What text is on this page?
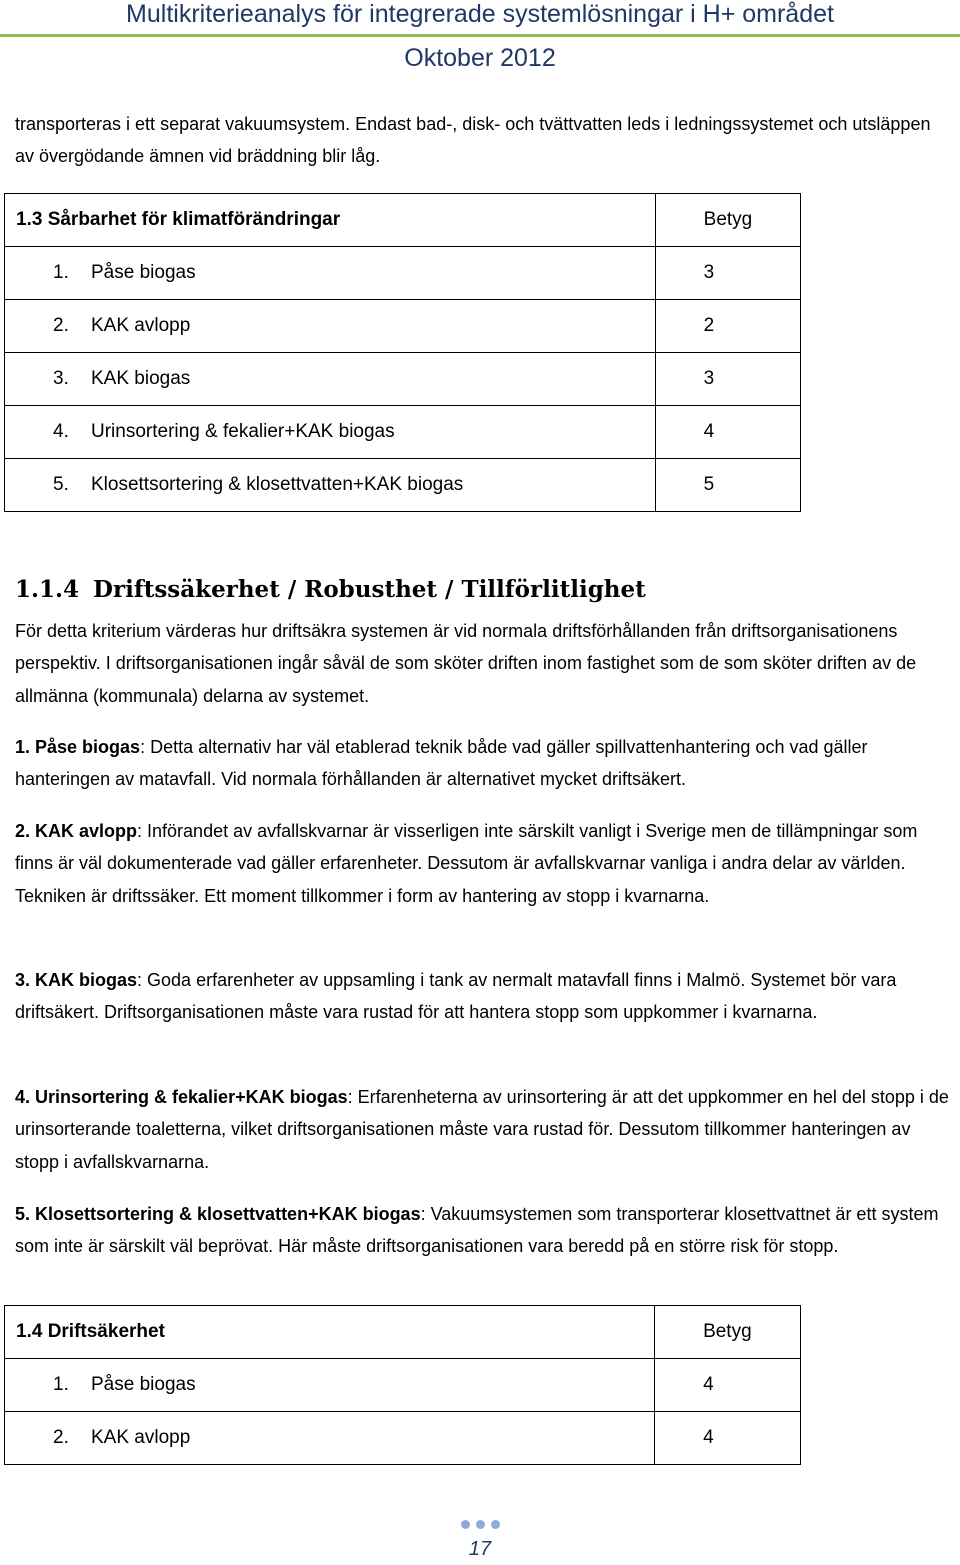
Multikriterieanalys för integrerade systemlösningar i H+ området
Oktober 2012
transporteras i ett separat vakuumsystem. Endast bad-, disk- och tvättvatten leds i ledningssystemet och utsläppen av övergödande ämnen vid bräddning blir låg.
1.3 Sårbarhet för klimatförändringar	Betyg
1. Påse biogas	3
2. KAK avlopp	2
3. KAK biogas	3
4. Urinsortering & fekalier+KAK biogas	4
5. Klosettsortering & klosettvatten+KAK biogas	5
1.1.4 Driftssäkerhet / Robusthet / Tillförlitlighet
För detta kriterium värderas hur driftsäkra systemen är vid normala driftsförhållanden från driftsorganisationens perspektiv. I driftsorganisationen ingår såväl de som sköter driften inom fastighet som de som sköter driften av de allmänna (kommunala) delarna av systemet.
1. Påse biogas: Detta alternativ har väl etablerad teknik både vad gäller spillvattenhantering och vad gäller hanteringen av matavfall. Vid normala förhållanden är alternativet mycket driftsäkert.
2. KAK avlopp: Införandet av avfallskvarnar är visserligen inte särskilt vanligt i Sverige men de tillämpningar som finns är väl dokumenterade vad gäller erfarenheter. Dessutom är avfallskvarnar vanliga i andra delar av världen. Tekniken är driftssäker. Ett moment tillkommer i form av hantering av stopp i kvarnarna.
3. KAK biogas: Goda erfarenheter av uppsamling i tank av nermalt matavfall finns i Malmö. Systemet bör vara driftsäkert. Driftsorganisationen måste vara rustad för att hantera stopp som uppkommer i kvarnarna.
4. Urinsortering & fekalier+KAK biogas: Erfarenheterna av urinsortering är att det uppkommer en hel del stopp i de urinsorterande toaletterna, vilket driftsorganisationen måste vara rustad för. Dessutom tillkommer hanteringen av stopp i avfallskvarnarna.
5. Klosettsortering & klosettvatten+KAK biogas: Vakuumsystemen som transporterar klosettvattnet är ett system som inte är särskilt väl beprövat. Här måste driftsorganisationen vara beredd på en större risk för stopp.
1.4 Driftsäkerhet	Betyg
1. Påse biogas	4
2. KAK avlopp	4
17
